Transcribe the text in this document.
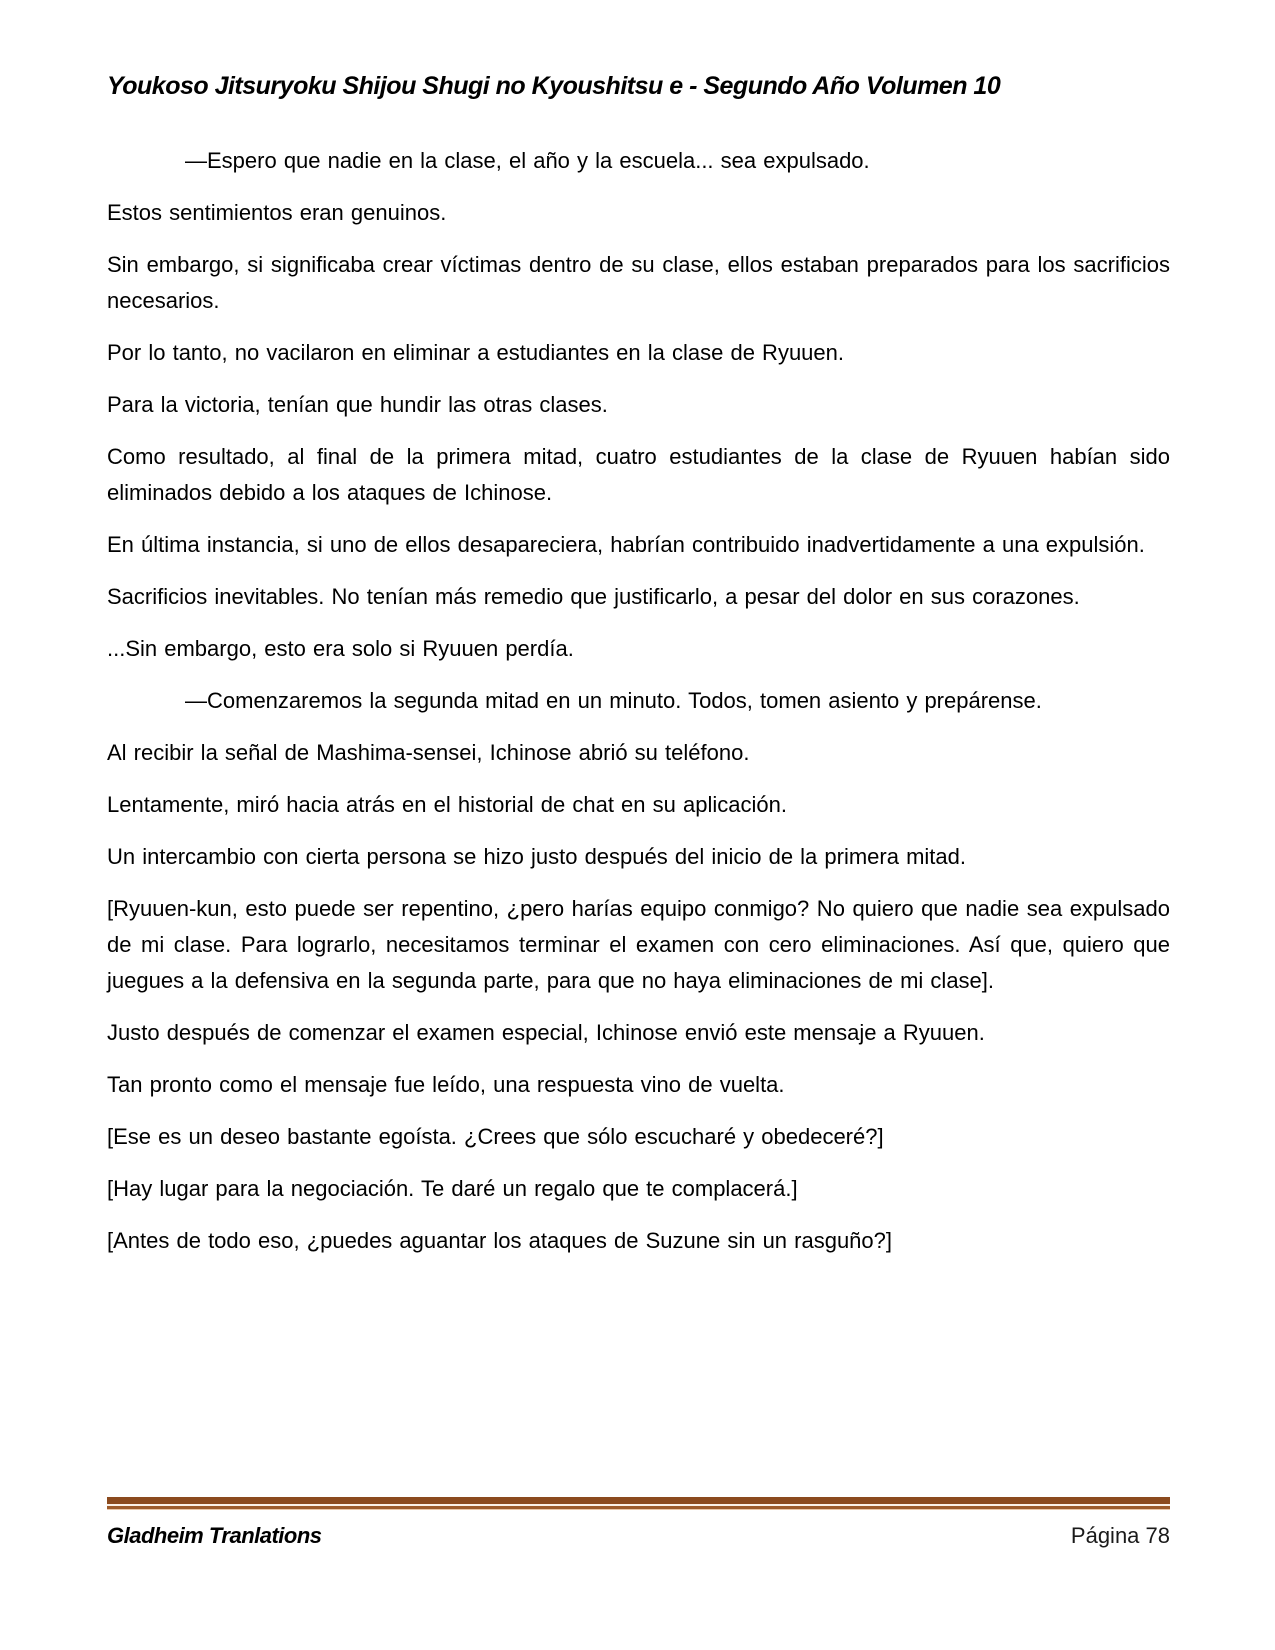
Youkoso Jitsuryoku Shijou Shugi no Kyoushitsu e - Segundo Año Volumen 10

—Espero que nadie en la clase, el año y la escuela... sea expulsado.

Estos sentimientos eran genuinos.

Sin embargo, si significaba crear víctimas dentro de su clase, ellos estaban preparados para los sacrificios necesarios.

Por lo tanto, no vacilaron en eliminar a estudiantes en la clase de Ryuuen.

Para la victoria, tenían que hundir las otras clases.

Como resultado, al final de la primera mitad, cuatro estudiantes de la clase de Ryuuen habían sido eliminados debido a los ataques de Ichinose.

En última instancia, si uno de ellos desapareciera, habrían contribuido inadvertidamente a una expulsión.

Sacrificios inevitables. No tenían más remedio que justificarlo, a pesar del dolor en sus corazones.

...Sin embargo, esto era solo si Ryuuen perdía.

—Comenzaremos la segunda mitad en un minuto. Todos, tomen asiento y prepárense.

Al recibir la señal de Mashima-sensei, Ichinose abrió su teléfono.

Lentamente, miró hacia atrás en el historial de chat en su aplicación.

Un intercambio con cierta persona se hizo justo después del inicio de la primera mitad.

[Ryuuen-kun, esto puede ser repentino, ¿pero harías equipo conmigo? No quiero que nadie sea expulsado de mi clase. Para lograrlo, necesitamos terminar el examen con cero eliminaciones. Así que, quiero que juegues a la defensiva en la segunda parte, para que no haya eliminaciones de mi clase].

Justo después de comenzar el examen especial, Ichinose envió este mensaje a Ryuuen.

Tan pronto como el mensaje fue leído, una respuesta vino de vuelta.

[Ese es un deseo bastante egoísta. ¿Crees que sólo escucharé y obedeceré?]

[Hay lugar para la negociación. Te daré un regalo que te complacerá.]

[Antes de todo eso, ¿puedes aguantar los ataques de Suzune sin un rasguño?]

Gladheim Tranlations	Página 78
